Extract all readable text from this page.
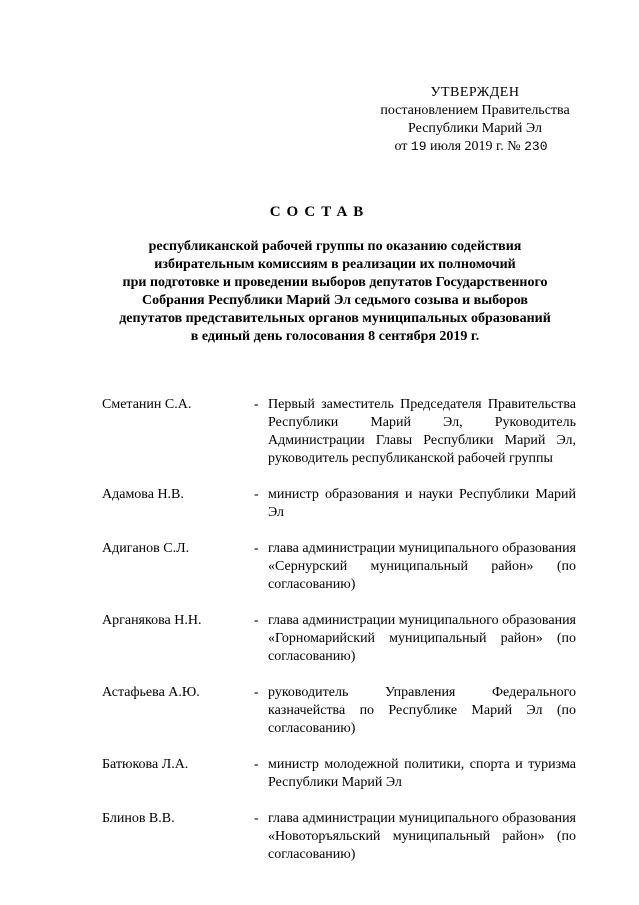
УТВЕРЖДЕН
постановлением Правительства
Республики Марий Эл
от 19 июля 2019 г. № 230
СОСТАВ
республиканской рабочей группы по оказанию содействия
избирательным комиссиям в реализации их полномочий
при подготовке и проведении выборов депутатов Государственного
Собрания Республики Марий Эл седьмого созыва и выборов
депутатов представительных органов муниципальных образований
в единый день голосования 8 сентября 2019 г.
Сметанин С.А.	- Первый заместитель Председателя Правительства Республики Марий Эл, Руководитель Администрации Главы Республики Марий Эл, руководитель республиканской рабочей группы
Адамова Н.В.	- министр образования и науки Республики Марий Эл
Адиганов С.Л.	- глава администрации муниципального образования «Сернурский муниципальный район» (по согласованию)
Арганякова Н.Н.	- глава администрации муниципального образования «Горномарийский муниципальный район» (по согласованию)
Астафьева А.Ю.	- руководитель Управления Федерального казначейства по Республике Марий Эл (по согласованию)
Батюкова Л.А.	- министр молодежной политики, спорта и туризма Республики Марий Эл
Блинов В.В.	- глава администрации муниципального образования «Новоторъяльский муниципальный район» (по согласованию)
